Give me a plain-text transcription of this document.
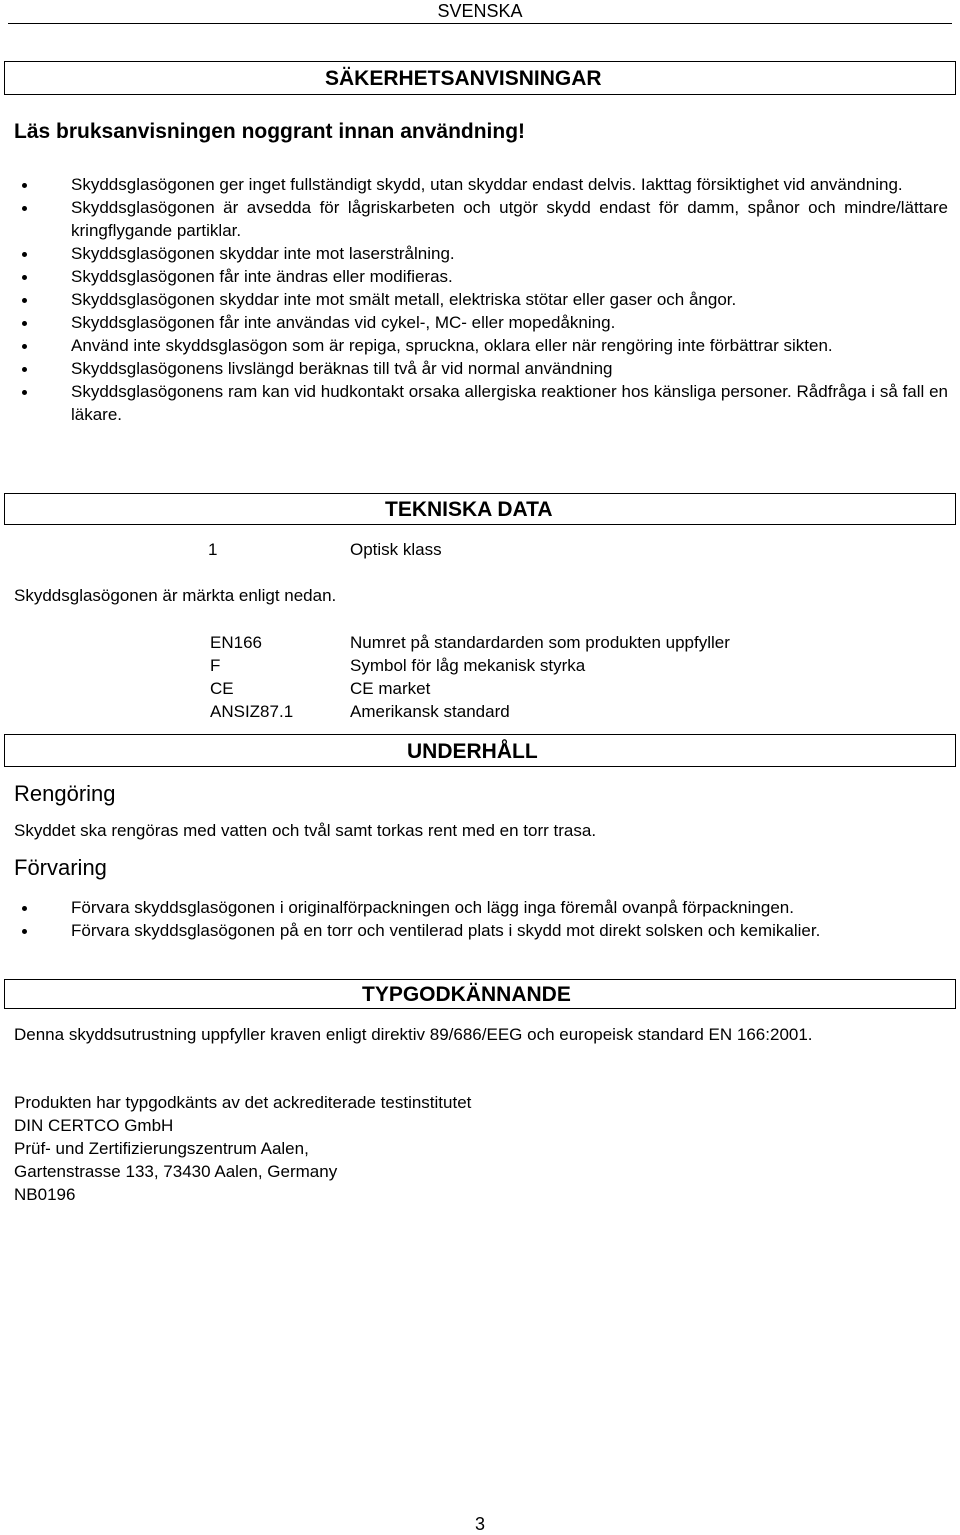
SVENSKA
SÄKERHETSANVISNINGAR
Läs bruksanvisningen noggrant innan användning!
Skyddsglasögonen ger inget fullständigt skydd, utan skyddar endast delvis. Iakttag försiktighet vid användning.
Skyddsglasögonen är avsedda för lågriskarbeten och utgör skydd endast för damm, spånor och mindre/lättare kringflygande partiklar.
Skyddsglasögonen skyddar inte mot laserstrålning.
Skyddsglasögonen får inte ändras eller modifieras.
Skyddsglasögonen skyddar inte mot smält metall, elektriska stötar eller gaser och ångor.
Skyddsglasögonen får inte användas vid cykel-, MC- eller mopedåkning.
Använd inte skyddsglasögon som är repiga, spruckna, oklara eller när rengöring inte förbättrar sikten.
Skyddsglasögonens livslängd beräknas till två år vid normal användning
Skyddsglasögonens ram kan vid hudkontakt orsaka allergiska reaktioner hos känsliga personer. Rådfråga i så fall en läkare.
TEKNISKA DATA
1	Optisk klass
Skyddsglasögonen är märkta enligt nedan.
EN166	Numret på standardarden som produkten uppfyller
F	Symbol för låg mekanisk styrka
CE	CE market
ANSIZ87.1	Amerikansk standard
UNDERHÅLL
Rengöring
Skyddet ska rengöras med vatten och tvål samt torkas rent med en torr trasa.
Förvaring
Förvara skyddsglasögonen i originalförpackningen och lägg inga föremål ovanpå förpackningen.
Förvara skyddsglasögonen på en torr och ventilerad plats i skydd mot direkt solsken och kemikalier.
TYPGODKÄNNANDE
Denna skyddsutrustning uppfyller kraven enligt direktiv 89/686/EEG och europeisk standard EN 166:2001.
Produkten har typgodkänts av det ackrediterade testinstitutet
DIN CERTCO GmbH
Prüf- und Zertifizierungszentrum Aalen,
Gartenstrasse 133, 73430 Aalen, Germany
NB0196
3
